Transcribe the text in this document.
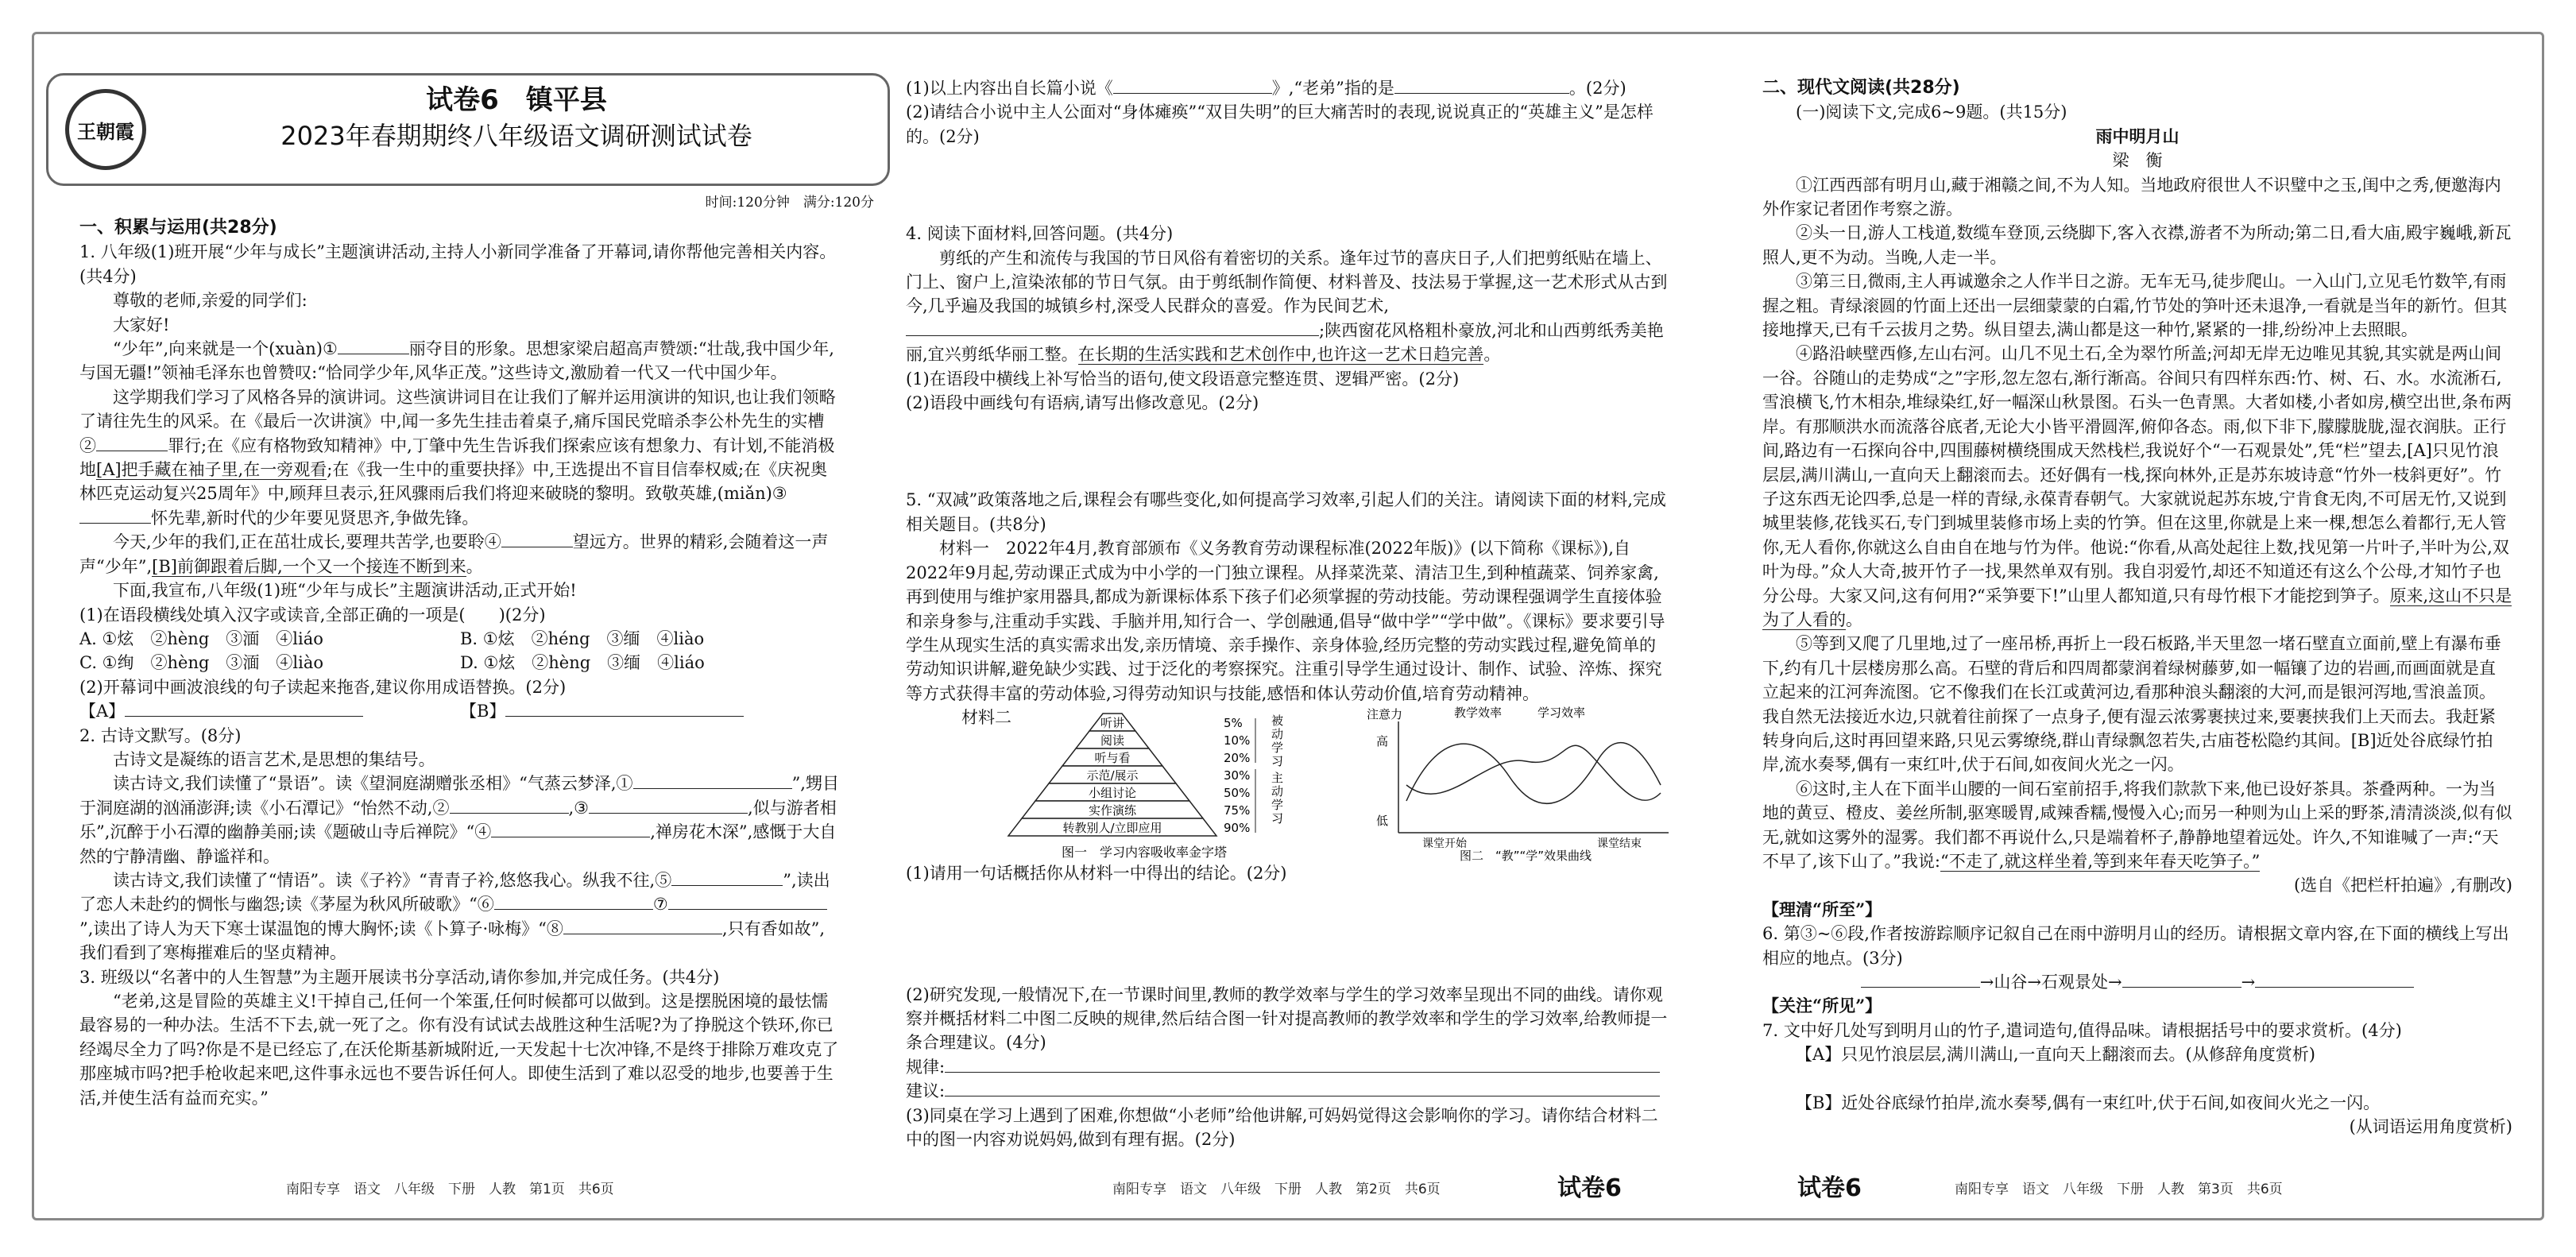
王朝霞
试卷6　镇平县
2023年春期期终八年级语文调研测试试卷
时间:120分钟　满分:120分

一、积累与运用(共28分)

1. 八年级(1)班开展“少年与成长”主题演讲活动,主持人小新同学准备了开幕词,请你帮他完善相关内容。(共4分)

尊敬的老师,亲爱的同学们:

大家好!

“少年”,向来就是一个(xuàn)①	丽夺目的形象。思想家梁启超高声赞颂:“壮哉,我中国少年,与国无疆!”领袖毛泽东也曾赞叹:“恰同学少年,风华正茂。”这些诗文,激励着一代又一代中国少年。

这学期我们学习了风格各异的演讲词。这些演讲词目在让我们了解并运用演讲的知识,也让我们领略了请往先生的风采。在《最后一次讲演》中,闻一多先生挂击着桌子,痛斥国民党暗杀李公朴先生的实槽②	罪行;在《应有格物致知精神》中,丁肇中先生告诉我们探索应该有想象力、有计划,不能消极地[A]把手藏在袖子里,在一旁观看;在《我一生中的重要抉择》中,王选提出不盲目信奉权威;在《庆祝奥林匹克运动复兴25周年》中,顾拜旦表示,狂风骤雨后我们将迎来破晓的黎明。致敬英雄,(miǎn)③怀先辈,新时代的少年要见贤思齐,争做先锋。

今天,少年的我们,正在茁壮成长,要理共苦学,也要聆④	望远方。世界的精彩,会随着这一声声“少年”,[B]前御跟着后脚,一个又一个接连不断到来。

下面,我宣布,八年级(1)班“少年与成长”主题演讲活动,正式开始!

(1)在语段横线处填入汉字或读音,全部正确的一项是(　　)(2分)

A. ①炫　②hèng　③湎　④liáo	B. ①炫　②héng　③缅　④liào
C. ①绚　②hèng　③湎　④liào	D. ①炫　②hèng　③缅　④liáo

(2)开幕词中画波浪线的句子读起来拖沓,建议你用成语替换。(2分)

【A】	【B】

2. 古诗文默写。(8分)

古诗文是凝练的语言艺术,是思想的集结号。

读古诗文,我们读懂了“景语”。读《望洞庭湖赠张丞相》“气蒸云梦泽,①	”,甥目于洞庭湖的汹涌澎湃;读《小石潭记》“怡然不动,②	,③	,似与游者相乐”,沉醉于小石潭的幽静美丽;读《题破山寺后禅院》“④	,禅房花木深”,感慨于大自然的宁静清幽、静谧祥和。

读古诗文,我们读懂了“情语”。读《子衿》“青青子衿,悠悠我心。纵我不往,⑤	”,读出了恋人未赴约的惆怅与幽怨;读《茅屋为秋风所破歌》“⑥	⑦”,读出了诗人为天下寒士谋温饱的博大胸怀;读《卜算子·咏梅》“⑧	,只有香如故”,我们看到了寒梅摧难后的坚贞精神。

3. 班级以“名著中的人生智慧”为主题开展读书分享活动,请你参加,并完成任务。(共4分)

“老弟,这是冒险的英雄主义!干掉自己,任何一个笨蛋,任何时候都可以做到。这是摆脱困境的最怯懦最容易的一种办法。生活不下去,就一死了之。你有没有试试去战胜这种生活呢?为了挣脱这个铁环,你已经竭尽全力了吗?你是不是已经忘了,在沃伦斯基新城附近,一天发起十七次冲锋,不是终于排除万难攻克了那座城市吗?把手枪收起来吧,这件事永远也不要告诉任何人。即使生活到了难以忍受的地步,也要善于生活,并使生活有益而充实。”

(1)以上内容出自长篇小说《	》,“老弟”指的是	。(2分)

(2)请结合小说中主人公面对“身体瘫痪”“双目失明”的巨大痛苦时的表现,说说真正的“英雄主义”是怎样的。(2分)

4. 阅读下面材料,回答问题。(共4分)

剪纸的产生和流传与我国的节日风俗有着密切的关系。逢年过节的喜庆日子,人们把剪纸贴在墙上、门上、窗户上,渲染浓郁的节日气氛。由于剪纸制作简便、材料普及、技法易于掌握,这一艺术形式从古到今,几乎遍及我国的城镇乡村,深受人民群众的喜爱。作为民间艺术,;陕西窗花风格粗朴豪放,河北和山西剪纸秀美艳丽,宜兴剪纸华丽工整。在长期的生活实践和艺术创作中,也许这一艺术日趋完善。

(1)在语段中横线上补写恰当的语句,使文段语意完整连贯、逻辑严密。(2分)

(2)语段中画线句有语病,请写出修改意见。(2分)

5. “双减”政策落地之后,课程会有哪些变化,如何提高学习效率,引起人们的关注。请阅读下面的材料,完成相关题目。(共8分)

材料一　2022年4月,教育部颁布《义务教育劳动课程标准(2022年版)》(以下简称《课标》),自2022年9月起,劳动课正式成为中小学的一门独立课程。从择菜洗菜、清洁卫生,到种植蔬菜、饲养家禽,再到使用与维护家用器具,都成为新课标体系下孩子们必须掌握的劳动技能。劳动课程强调学生直接体验和亲身参与,注重动手实践、手脑并用,知行合一、学创融通,倡导“做中学”“学中做”。《课标》要求要引导学生从现实生活的真实需求出发,亲历情境、亲手操作、亲身体验,经历完整的劳动实践过程,避免简单的劳动知识讲解,避免缺少实践、过于泛化的考察探究。注重引导学生通过设计、制作、试验、淬炼、探究等方式获得丰富的劳动体验,习得劳动知识与技能,感悟和体认劳动价值,培育劳动精神。

材料二	听讲	5%
阅读	10%
听与看	20%
示范/展示	30%
小组讨论	50%
实作演练	75%
转教别人/立即应用	90%
被动学习
主动学习
图一　学习内容吸收率金字塔
注意力
高
低
教学效率	学习效率
课堂开始	课堂结束
图二　“教”“学”效果曲线

(1)请用一句话概括你从材料一中得出的结论。(2分)

(2)研究发现,一般情况下,在一节课时间里,教师的教学效率与学生的学习效率呈现出不同的曲线。请你观察并概括材料二中图二反映的规律,然后结合图一针对提高教师的教学效率和学生的学习效率,给教师提一条合理建议。(4分)

规律:

建议:

(3)同桌在学习上遇到了困难,你想做“小老师”给他讲解,可妈妈觉得这会影响你的学习。请你结合材料二中的图一内容劝说妈妈,做到有理有据。(2分)

二、现代文阅读(共28分)

(一)阅读下文,完成6~9题。(共15分)

雨中明月山

梁　衡

①江西西部有明月山,藏于湘赣之间,不为人知。当地政府很世人不识璧中之玉,闺中之秀,便邀海内外作家记者团作考察之游。

②头一日,游人工栈道,数缆车登顶,云绕脚下,客入衣襟,游者不为所动;第二日,看大庙,殿宇巍峨,新瓦照人,更不为动。当晚,人走一半。

③第三日,微雨,主人再诚邀余之人作半日之游。无车无马,徒步爬山。一入山门,立见毛竹数竿,有雨握之粗。青绿滚圆的竹面上还出一层细蒙蒙的白霜,竹节处的笋叶还未退净,一看就是当年的新竹。但其接地撑天,已有千云拔月之势。纵目望去,满山都是这一种竹,紧紧的一排,纷纷冲上去照眼。

④路沿峡壁西修,左山右河。山几不见土石,全为翠竹所盖;河却无岸无边唯见其貌,其实就是两山间一谷。谷随山的走势成“之”字形,忽左忽右,渐行渐高。谷间只有四样东西:竹、树、石、水。水流淅石,雪浪横飞,竹木相杂,堆绿染红,好一幅深山秋景图。石头一色青黑。大者如楼,小者如房,横空出世,条布两岸。有那顺洪水而流落谷底者,无论大小皆平滑圆浑,俯仰各态。雨,似下非下,朦朦胧胧,湿衣润肤。正行间,路边有一石探向谷中,四围藤树横绕围成天然栈栏,我说好个“一石观景处”,凭“栏”望去,[A]只见竹浪层层,满川满山,一直向天上翻滚而去。还好偶有一栈,探向林外,正是苏东坡诗意“竹外一枝斜更好”。竹子这东西无论四季,总是一样的青绿,永葆青春朝气。大家就说起苏东坡,宁肯食无肉,不可居无竹,又说到城里装修,花钱买石,专门到城里装修市场上卖的竹笋。但在这里,你就是上来一棵,想怎么着都行,无人管你,无人看你,你就这么自由自在地与竹为伴。他说:“你看,从高处起往上数,找见第一片叶子,半叶为公,双叶为母。”众人大奇,披开竹子一找,果然单双有别。我自羽爱竹,却还不知道还有这么个公母,才知竹子也分公母。大家又问,这有何用?“采笋要下!”山里人都知道,只有母竹根下才能挖到笋子。原来,这山不只是为了人看的。

⑤等到又爬了几里地,过了一座吊桥,再折上一段石板路,半天里忽一堵石壁直立面前,壁上有瀑布垂下,约有几十层楼房那么高。石壁的背后和四周都蒙润着绿树藤萝,如一幅镶了边的岩画,而画面就是直立起来的江河奔流图。它不像我们在长江或黄河边,看那种浪头翻滚的大河,而是银河泻地,雪浪盖顶。我自然无法接近水边,只就着往前探了一点身子,便有湿云浓雾裹挟过来,要裹挟我们上天而去。我赶紧转身向后,这时再回望来路,只见云雾缭绕,群山青绿飘忽若失,古庙苍松隐约其间。[B]近处谷底绿竹拍岸,流水奏琴,偶有一束红叶,伏于石间,如夜间火光之一闪。

⑥这时,主人在下面半山腰的一间石室前招手,将我们款款下来,他已设好茶具。茶叠两种。一为当地的黄豆、橙皮、姜丝所制,驱寒暖胃,咸辣香糯,慢慢入心;而另一种则为山上采的野茶,清清淡淡,似有似无,就如这雾外的湿雾。我们都不再说什么,只是端着杯子,静静地望着远处。许久,不知谁喊了一声:“天不早了,该下山了。”我说:“不走了,就这样坐着,等到来年春天吃笋子。”

(选自《把栏杆拍遍》,有删改)

【理清“所至”】

6. 第③~⑥段,作者按游踪顺序记叙自己在雨中游明月山的经历。请根据文章内容,在下面的横线上写出相应的地点。(3分)

→山谷→石观景处→	→

【关注“所见”】

7. 文中好几处写到明月山的竹子,遣词造句,值得品味。请根据括号中的要求赏析。(4分)

【A】只见竹浪层层,满川满山,一直向天上翻滚而去。(从修辞角度赏析)

【B】近处谷底绿竹拍岸,流水奏琴,偶有一束红叶,伏于石间,如夜间火光之一闪。

(从词语运用角度赏析)

南阳专享　语文　八年级　下册　人教　第1页　共6页	南阳专享　语文　八年级　下册　人教　第2页　共6页	试卷6	试卷6	南阳专享　语文　八年级　下册　人教　第3页　共6页
